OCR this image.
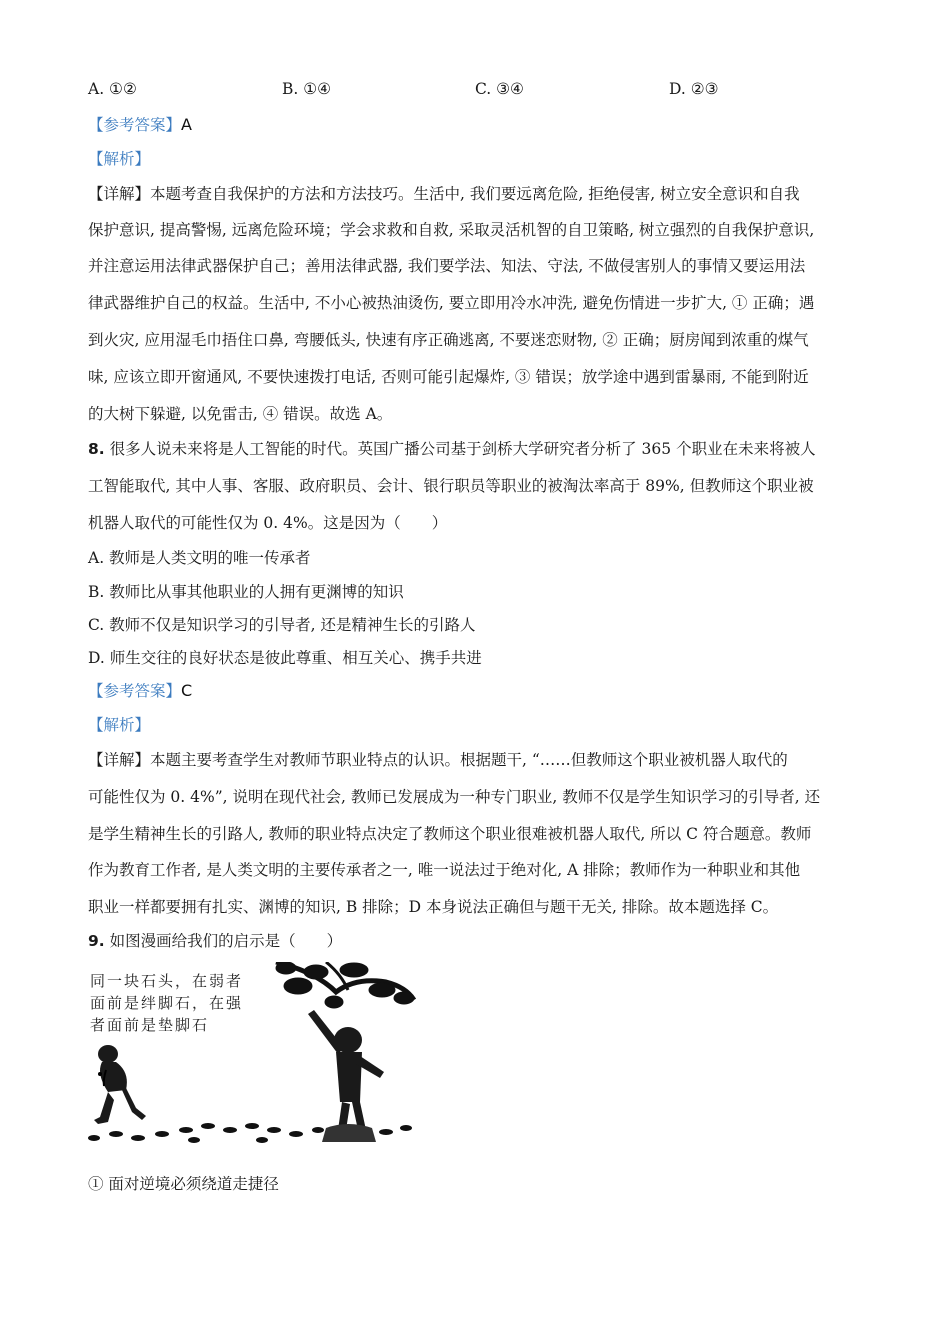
A. ①②	B. ①④	C. ③④	D. ②③
【参考答案】A
【解析】
【详解】本题考查自我保护的方法和方法技巧。生活中, 我们要远离危险, 拒绝侵害, 树立安全意识和自我
保护意识, 提高警惕, 远离危险环境；学会求救和自救, 采取灵活机智的自卫策略, 树立强烈的自我保护意识,
并注意运用法律武器保护自己；善用法律武器, 我们要学法、知法、守法, 不做侵害别人的事情又要运用法
律武器维护自己的权益。生活中, 不小心被热油烫伤, 要立即用冷水冲洗, 避免伤情进一步扩大, ① 正确；遇
到火灾, 应用湿毛巾捂住口鼻, 弯腰低头, 快速有序正确逃离, 不要迷恋财物, ② 正确；厨房闻到浓重的煤气
味, 应该立即开窗通风, 不要快速拨打电话, 否则可能引起爆炸, ③ 错误；放学途中遇到雷暴雨, 不能到附近
的大树下躲避, 以免雷击, ④ 错误。故选 A。
8. 很多人说未来将是人工智能的时代。英国广播公司基于剑桥大学研究者分析了 365 个职业在未来将被人
工智能取代, 其中人事、客服、政府职员、会计、银行职员等职业的被淘汰率高于 89%, 但教师这个职业被
机器人取代的可能性仅为 0. 4%。这是因为（　　）
A. 教师是人类文明的唯一传承者
B. 教师比从事其他职业的人拥有更渊博的知识
C. 教师不仅是知识学习的引导者, 还是精神生长的引路人
D. 师生交往的良好状态是彼此尊重、相互关心、携手共进
【参考答案】C
【解析】
【详解】本题主要考查学生对教师节职业特点的认识。根据题干, “……但教师这个职业被机器人取代的
可能性仅为 0. 4%”, 说明在现代社会, 教师已发展成为一种专门职业, 教师不仅是学生知识学习的引导者, 还
是学生精神生长的引路人, 教师的职业特点决定了教师这个职业很难被机器人取代, 所以 C 符合题意。教师
作为教育工作者, 是人类文明的主要传承者之一, 唯一说法过于绝对化, A 排除；教师作为一种职业和其他
职业一样都要拥有扎实、渊博的知识, B 排除；D 本身说法正确但与题干无关, 排除。故本题选择 C。
9. 如图漫画给我们的启示是（　　）
同一块石头，在弱者
面前是绊脚石，在强
者面前是垫脚石
① 面对逆境必须绕道走捷径
